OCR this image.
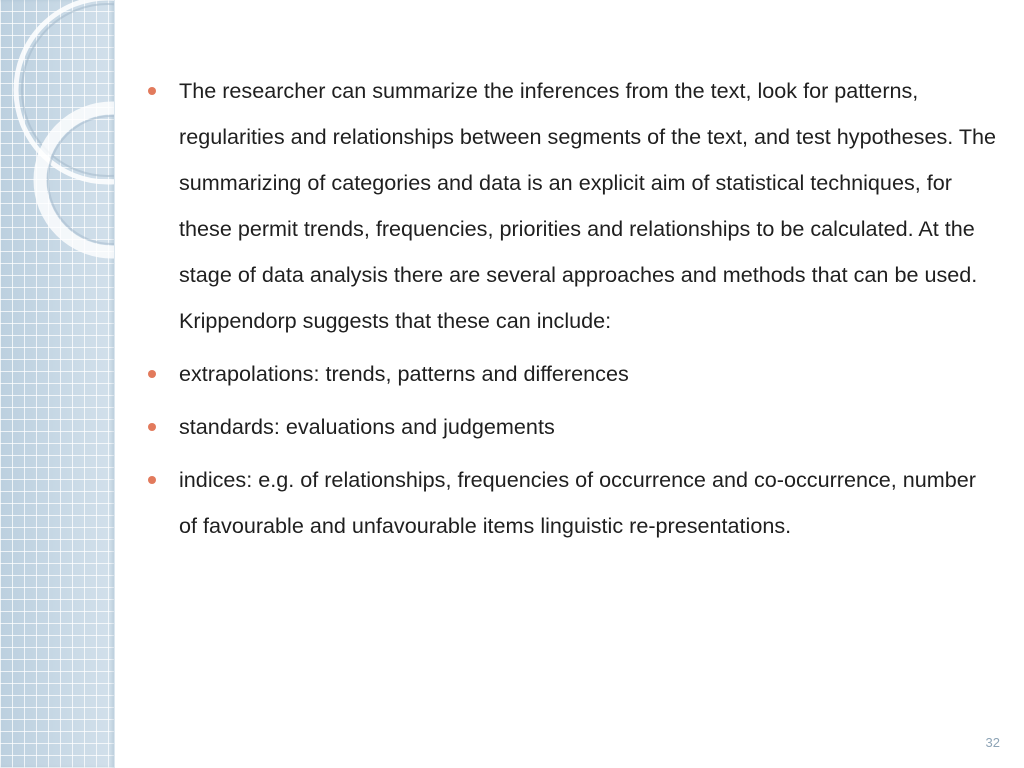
The researcher can summarize the inferences from the text, look for patterns, regularities and relationships between segments of the text, and test hypotheses. The summarizing of categories and data is an explicit aim of statistical techniques, for these permit trends, frequencies, priorities and relationships to be calculated. At the stage of data analysis there are several approaches and methods that can be used. Krippendorp suggests that these can include:
extrapolations: trends, patterns and differences
standards: evaluations and judgements
indices: e.g. of relationships, frequencies of occurrence and co-occurrence, number of favourable and unfavourable items linguistic re-presentations.
32
